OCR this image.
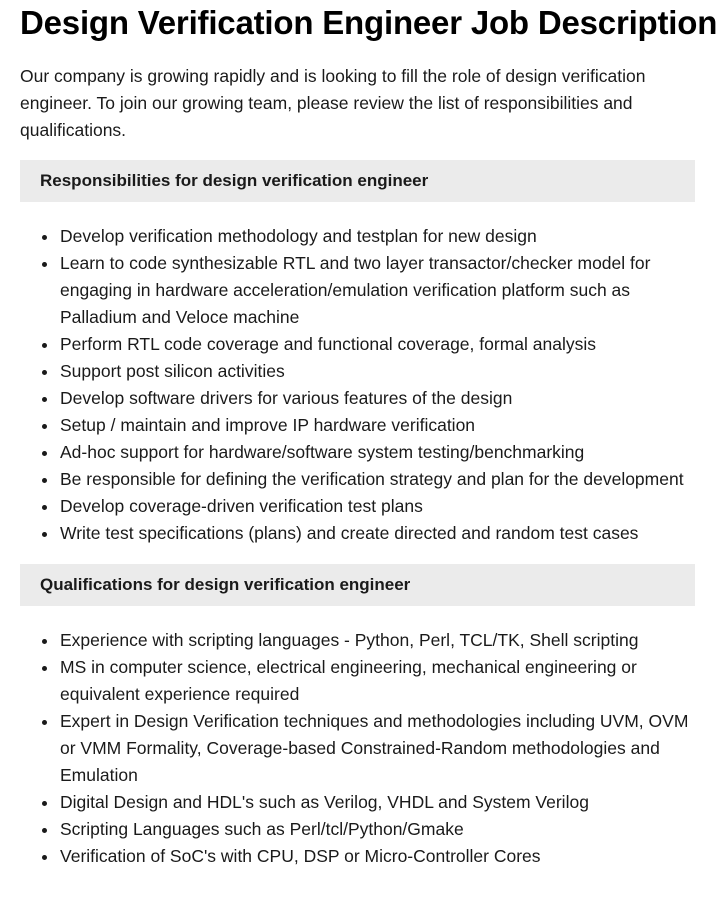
Design Verification Engineer Job Description

Our company is growing rapidly and is looking to fill the role of design verification engineer. To join our growing team, please review the list of responsibilities and qualifications.

Responsibilities for design verification engineer
Develop verification methodology and testplan for new design
Learn to code synthesizable RTL and two layer transactor/checker model for engaging in hardware acceleration/emulation verification platform such as Palladium and Veloce machine
Perform RTL code coverage and functional coverage, formal analysis
Support post silicon activities
Develop software drivers for various features of the design
Setup / maintain and improve IP hardware verification
Ad-hoc support for hardware/software system testing/benchmarking
Be responsible for defining the verification strategy and plan for the development
Develop coverage-driven verification test plans
Write test specifications (plans) and create directed and random test cases
Qualifications for design verification engineer
Experience with scripting languages - Python, Perl, TCL/TK, Shell scripting
MS in computer science, electrical engineering, mechanical engineering or equivalent experience required
Expert in Design Verification techniques and methodologies including UVM, OVM or VMM Formality, Coverage-based Constrained-Random methodologies and Emulation
Digital Design and HDL's such as Verilog, VHDL and System Verilog
Scripting Languages such as Perl/tcl/Python/Gmake
Verification of SoC's with CPU, DSP or Micro-Controller Cores
